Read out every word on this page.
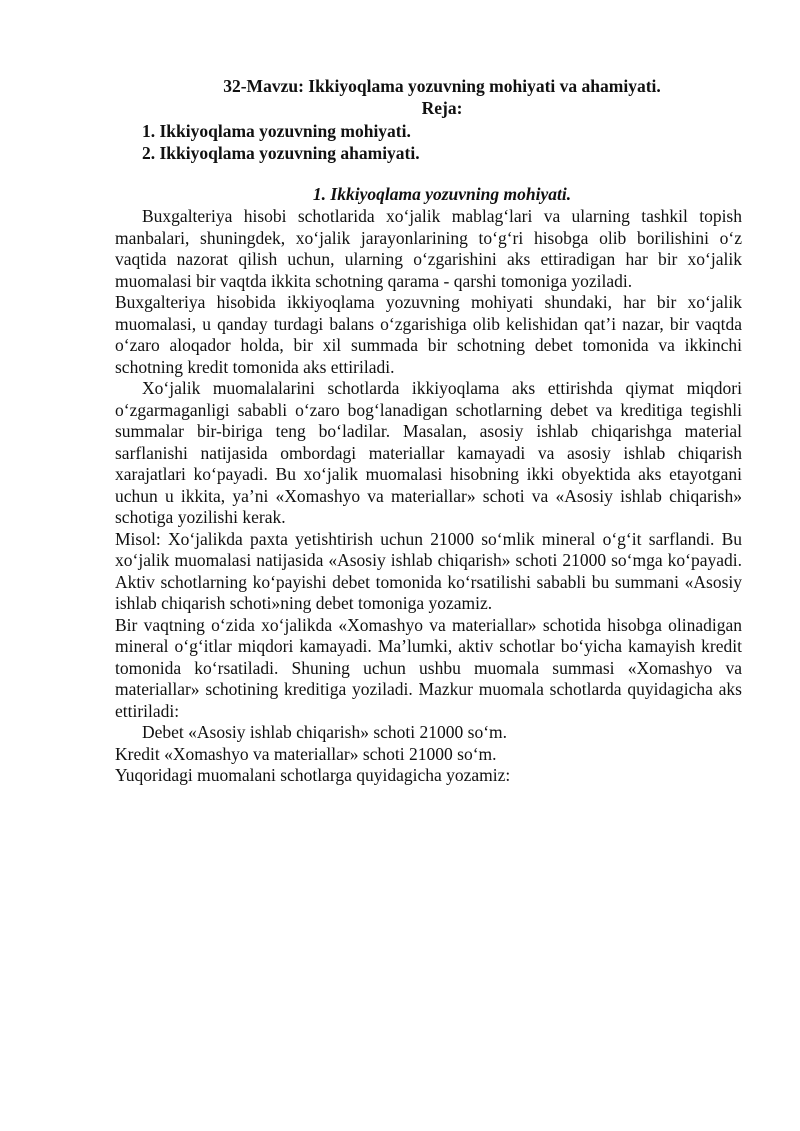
32-Mavzu: Ikkiyoqlama yozuvning mohiyati va ahamiyati.
Reja:
1. Ikkiyoqlama yozuvning mohiyati.
2. Ikkiyoqlama yozuvning ahamiyati.
1. Ikkiyoqlama yozuvning mohiyati.

Buxgalteriya hisobi schotlarida xo‘jalik mablag‘lari va ularning tashkil topish manbalari, shuningdek, xo‘jalik jarayonlarining to‘g‘ri hisobga olib borilishini o‘z vaqtida nazorat qilish uchun, ularning o‘zgarishini aks ettiradigan har bir xo‘jalik muomalasi bir vaqtda ikkita schotning qarama - qarshi tomoniga yoziladi.

Buxgalteriya hisobida ikkiyoqlama yozuvning mohiyati shundaki, har bir xo‘jalik muomalasi, u qanday turdagi balans o‘zgarishiga olib kelishidan qat’i nazar, bir vaqtda o‘zaro aloqador holda, bir xil summada bir schotning debet tomonida va ikkinchi schotning kredit tomonida aks ettiriladi.

Xo‘jalik muomalalarini schotlarda ikkiyoqlama aks ettirishda qiymat miqdori o‘zgarmaganligi sababli o‘zaro bog‘lanadigan schotlarning debet va kreditiga tegishli summalar bir-biriga teng bo‘ladilar. Masalan, asosiy ishlab chiqarishga material sarflanishi natijasida ombordagi materiallar kamayadi va asosiy ishlab chiqarish xarajatlari ko‘payadi. Bu xo‘jalik muomalasi hisobning ikki obyektida aks etayotgani uchun u ikkita, ya’ni «Xomashyo va materiallar» schoti va «Asosiy ishlab chiqarish» schotiga yozilishi kerak.

Misol: Xo‘jalikda paxta yetishtirish uchun 21000 so‘mlik mineral o‘g‘it sarflandi. Bu xo‘jalik muomalasi natijasida «Asosiy ishlab chiqarish» schoti 21000 so‘mga ko‘payadi. Aktiv schotlarning ko‘payishi debet tomonida ko‘rsatilishi sababli bu summani «Asosiy ishlab chiqarish schoti»ning debet tomoniga yozamiz.

Bir vaqtning o‘zida xo‘jalikda «Xomashyo va materiallar» schotida hisobga olinadigan mineral o‘g‘itlar miqdori kamayadi. Ma’lumki, aktiv schotlar bo‘yicha kamayish kredit tomonida ko‘rsatiladi. Shuning uchun ushbu muomala summasi «Xomashyo va materiallar» schotining kreditiga yoziladi. Mazkur muomala schotlarda quyidagicha aks ettiriladi:

Debet «Asosiy ishlab chiqarish» schoti 21000 so‘m.

Kredit «Xomashyo va materiallar» schoti 21000 so‘m.

Yuqoridagi muomalani schotlarga quyidagicha yozamiz:
